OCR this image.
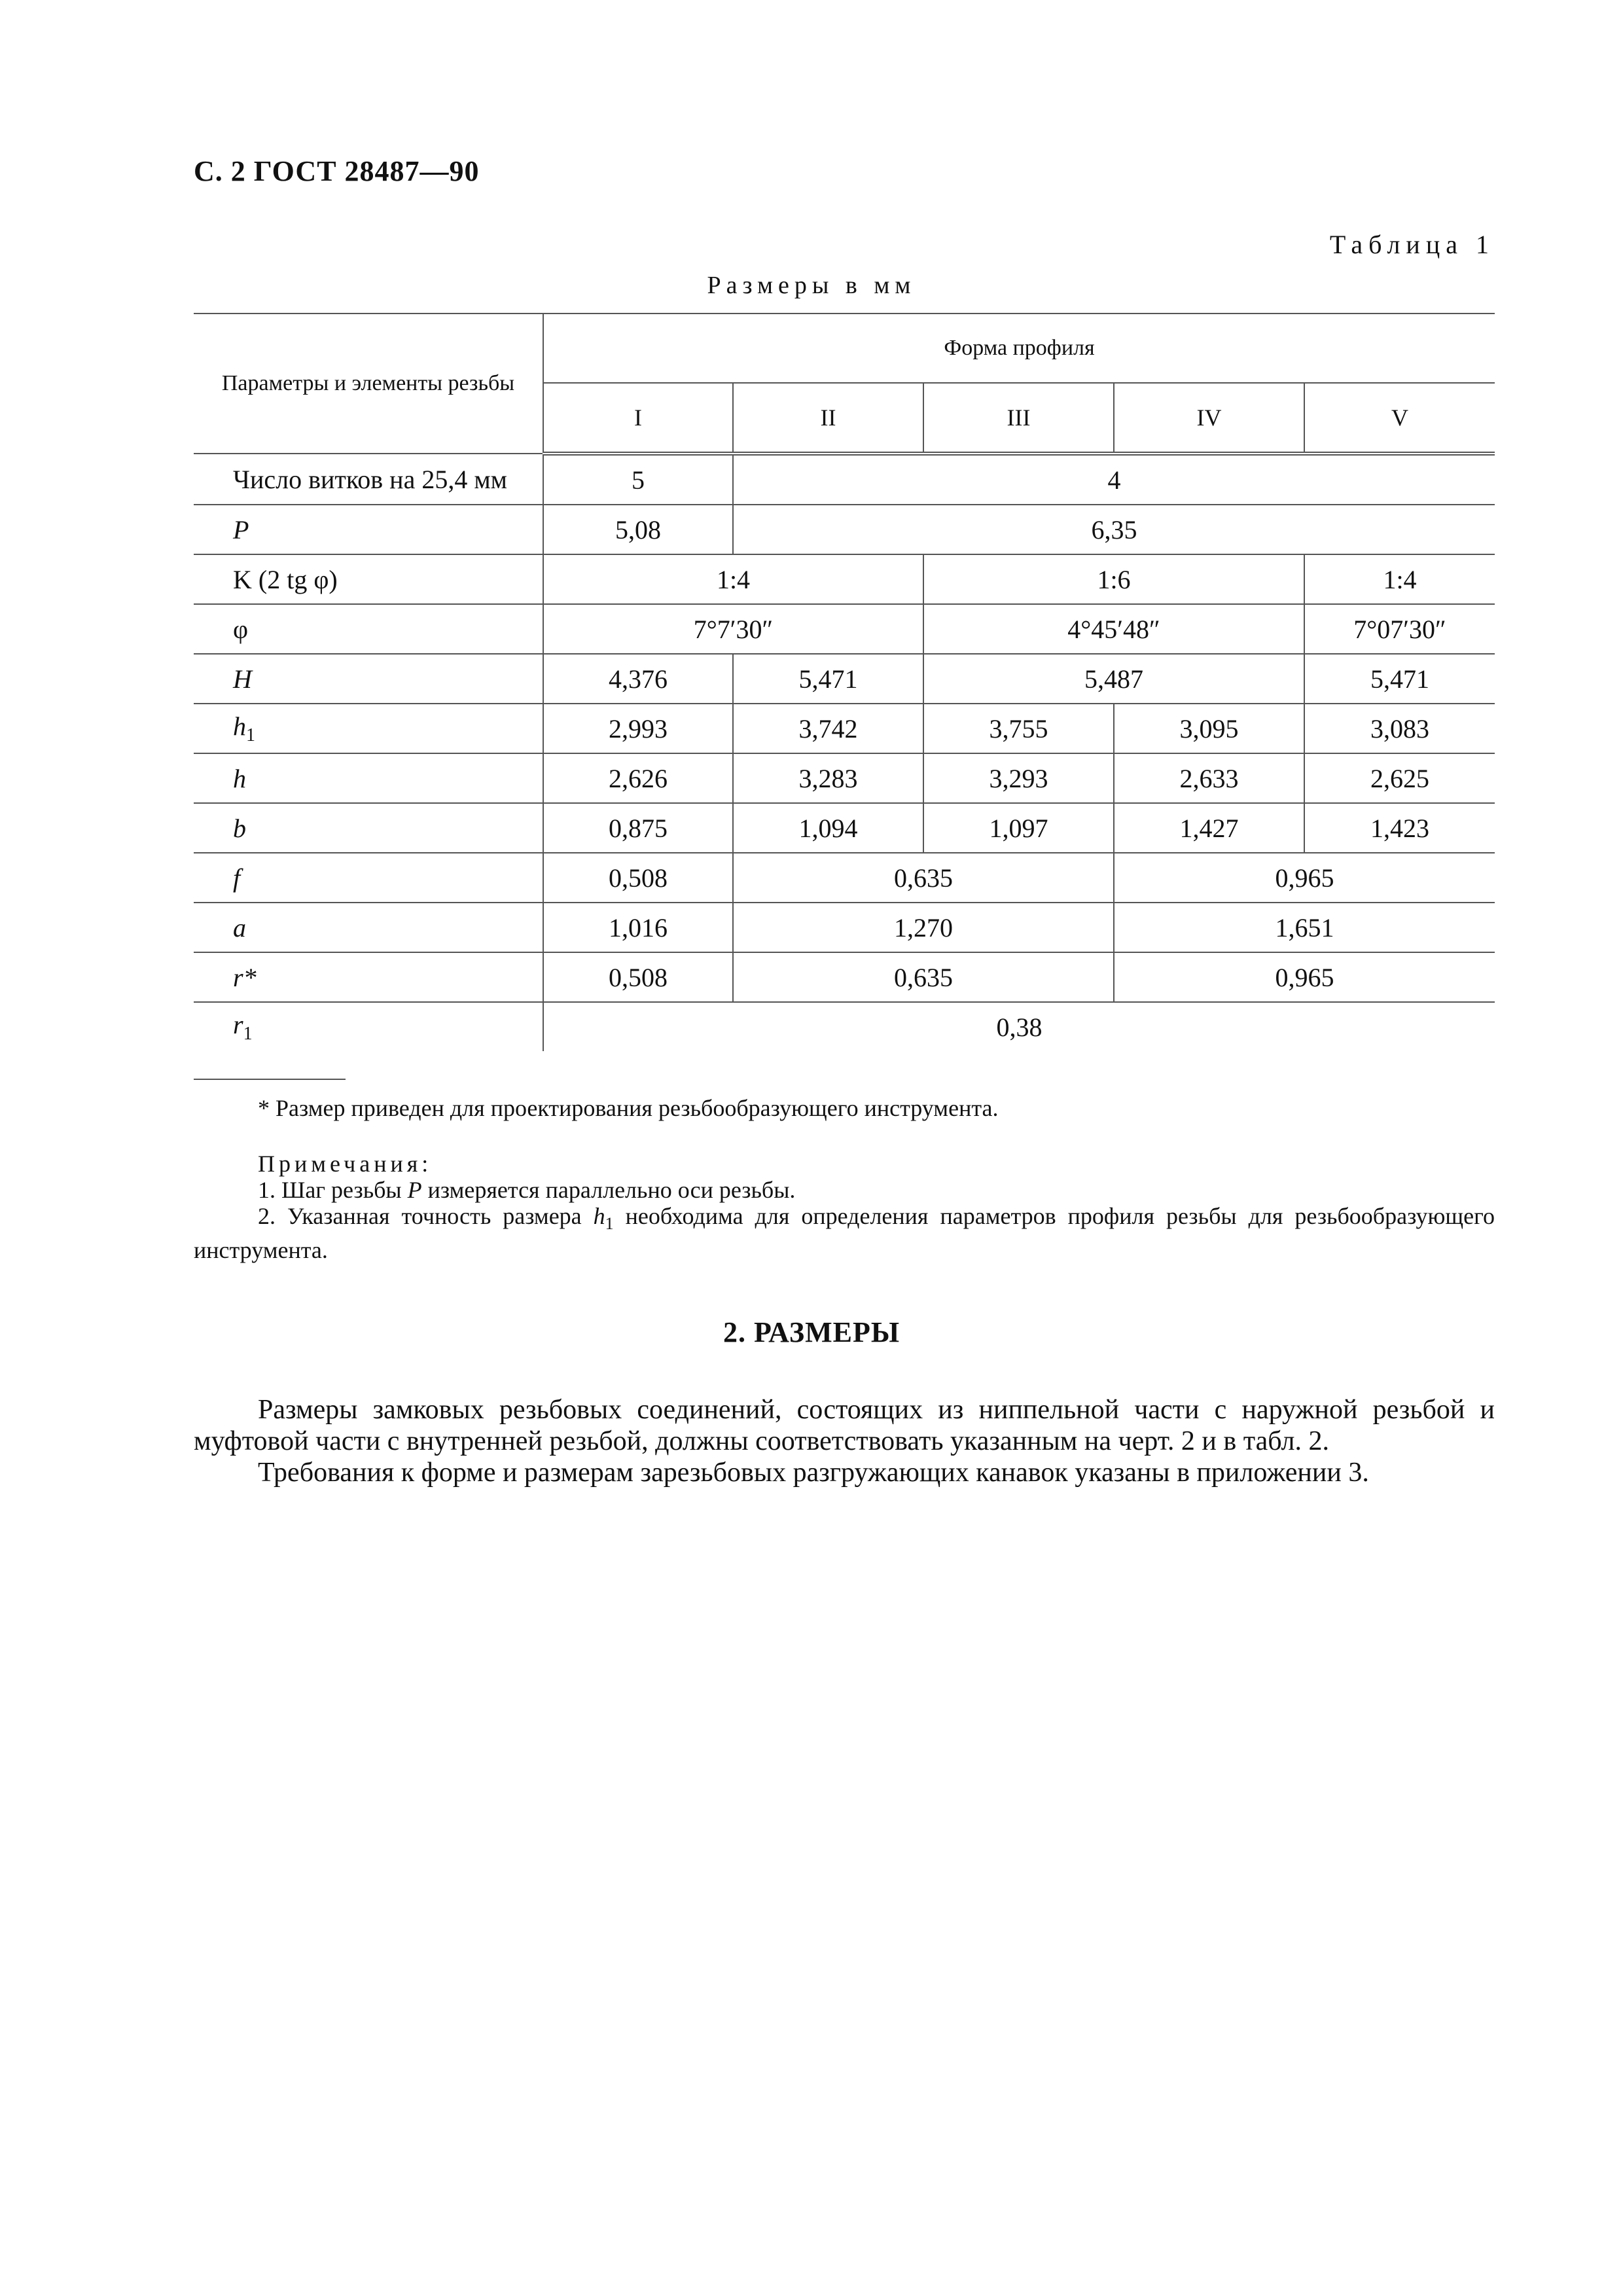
С. 2 ГОСТ 28487—90
Таблица 1
Размеры в мм
Параметры и элементы резьбы	Форма профиля				
	I	II	III	IV	V
Число витков на 25,4 мм	5	4			
P	5,08	6,35			
K (2 tg φ)	1:4		1:6		1:4
φ	7°7′30″		4°45′48″		7°07′30″
H	4,376	5,471	5,487		5,471
$h_1$	2,993	3,742	3,755	3,095	3,083
h	2,626	3,283	3,293	2,633	2,625
b	0,875	1,094	1,097	1,427	1,423
f	0,508	0,635		0,965	
a	1,016	1,270		1,651	
r*	0,508	0,635		0,965	
$r_1$	0,38				
* Размер приведен для проектирования резьбообразующего инструмента.
Примечания:
1. Шаг резьбы P измеряется параллельно оси резьбы.
2. Указанная точность размера $h_1$ необходима для определения параметров профиля резьбы для резьбообразующего инструмента.
2. РАЗМЕРЫ

Размеры замковых резьбовых соединений, состоящих из ниппельной части с наружной резьбой и муфтовой части с внутренней резьбой, должны соответствовать указанным на черт. 2 и в табл. 2.

Требования к форме и размерам зарезьбовых разгружающих канавок указаны в приложении 3.
